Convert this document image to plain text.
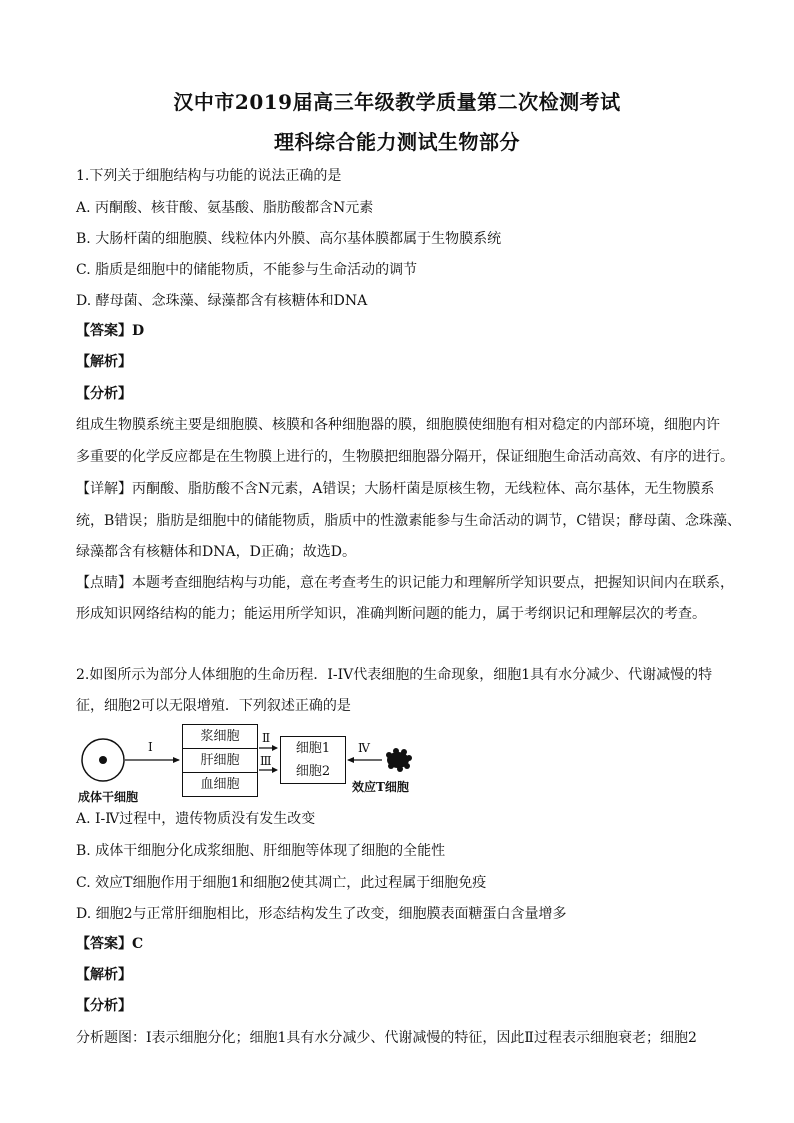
汉中市2019届高三年级教学质量第二次检测考试
理科综合能力测试生物部分
1.下列关于细胞结构与功能的说法正确的是
A. 丙酮酸、核苷酸、氨基酸、脂肪酸都含N元素
B. 大肠杆菌的细胞膜、线粒体内外膜、高尔基体膜都属于生物膜系统
C. 脂质是细胞中的储能物质，不能参与生命活动的调节
D. 酵母菌、念珠藻、绿藻都含有核糖体和DNA
【答案】D
【解析】
【分析】
组成生物膜系统主要是细胞膜、核膜和各种细胞器的膜，细胞膜使细胞有相对稳定的内部环境，细胞内许
多重要的化学反应都是在生物膜上进行的，生物膜把细胞器分隔开，保证细胞生命活动高效、有序的进行。
【详解】丙酮酸、脂肪酸不含N元素，A错误；大肠杆菌是原核生物，无线粒体、高尔基体，无生物膜系
统，B错误；脂肪是细胞中的储能物质，脂质中的性激素能参与生命活动的调节，C错误；酵母菌、念珠藻、
绿藻都含有核糖体和DNA，D正确；故选D。
【点睛】本题考查细胞结构与功能，意在考查考生的识记能力和理解所学知识要点，把握知识间内在联系，
形成知识网络结构的能力；能运用所学知识，准确判断问题的能力，属于考纲识记和理解层次的考查。
2.如图所示为部分人体细胞的生命历程．I-IV代表细胞的生命现象，细胞1具有水分减少、代谢减慢的特
征，细胞2可以无限增殖．下列叙述正确的是
Ⅰ
Ⅱ
Ⅲ
Ⅳ
浆细胞
肝细胞
血细胞
细胞1
细胞2
成体干细胞
效应T细胞
A. Ⅰ-Ⅳ过程中，遗传物质没有发生改变
B. 成体干细胞分化成浆细胞、肝细胞等体现了细胞的全能性
C. 效应T细胞作用于细胞1和细胞2使其凋亡，此过程属于细胞免疫
D. 细胞2与正常肝细胞相比，形态结构发生了改变，细胞膜表面糖蛋白含量增多
【答案】C
【解析】
【分析】
分析题图：Ⅰ表示细胞分化；细胞1具有水分减少、代谢减慢的特征，因此Ⅱ过程表示细胞衰老；细胞2
